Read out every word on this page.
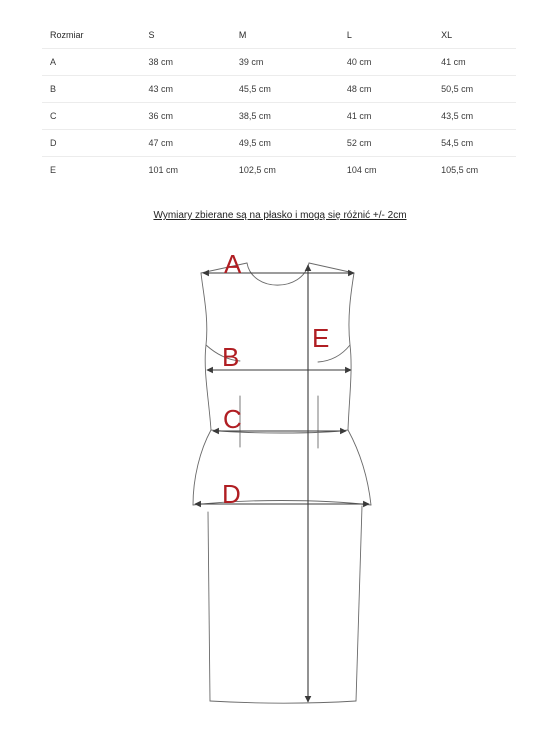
Rozmiar	S	M	L	XL
A	38 cm	39 cm	40 cm	41 cm
B	43 cm	45,5 cm	48 cm	50,5 cm
C	36 cm	38,5 cm	41 cm	43,5 cm
D	47 cm	49,5 cm	52 cm	54,5 cm
E	101 cm	102,5 cm	104 cm	105,5 cm
Wymiary zbierane są na płasko i mogą się różnić +/- 2cm
A
B
C
D
E
